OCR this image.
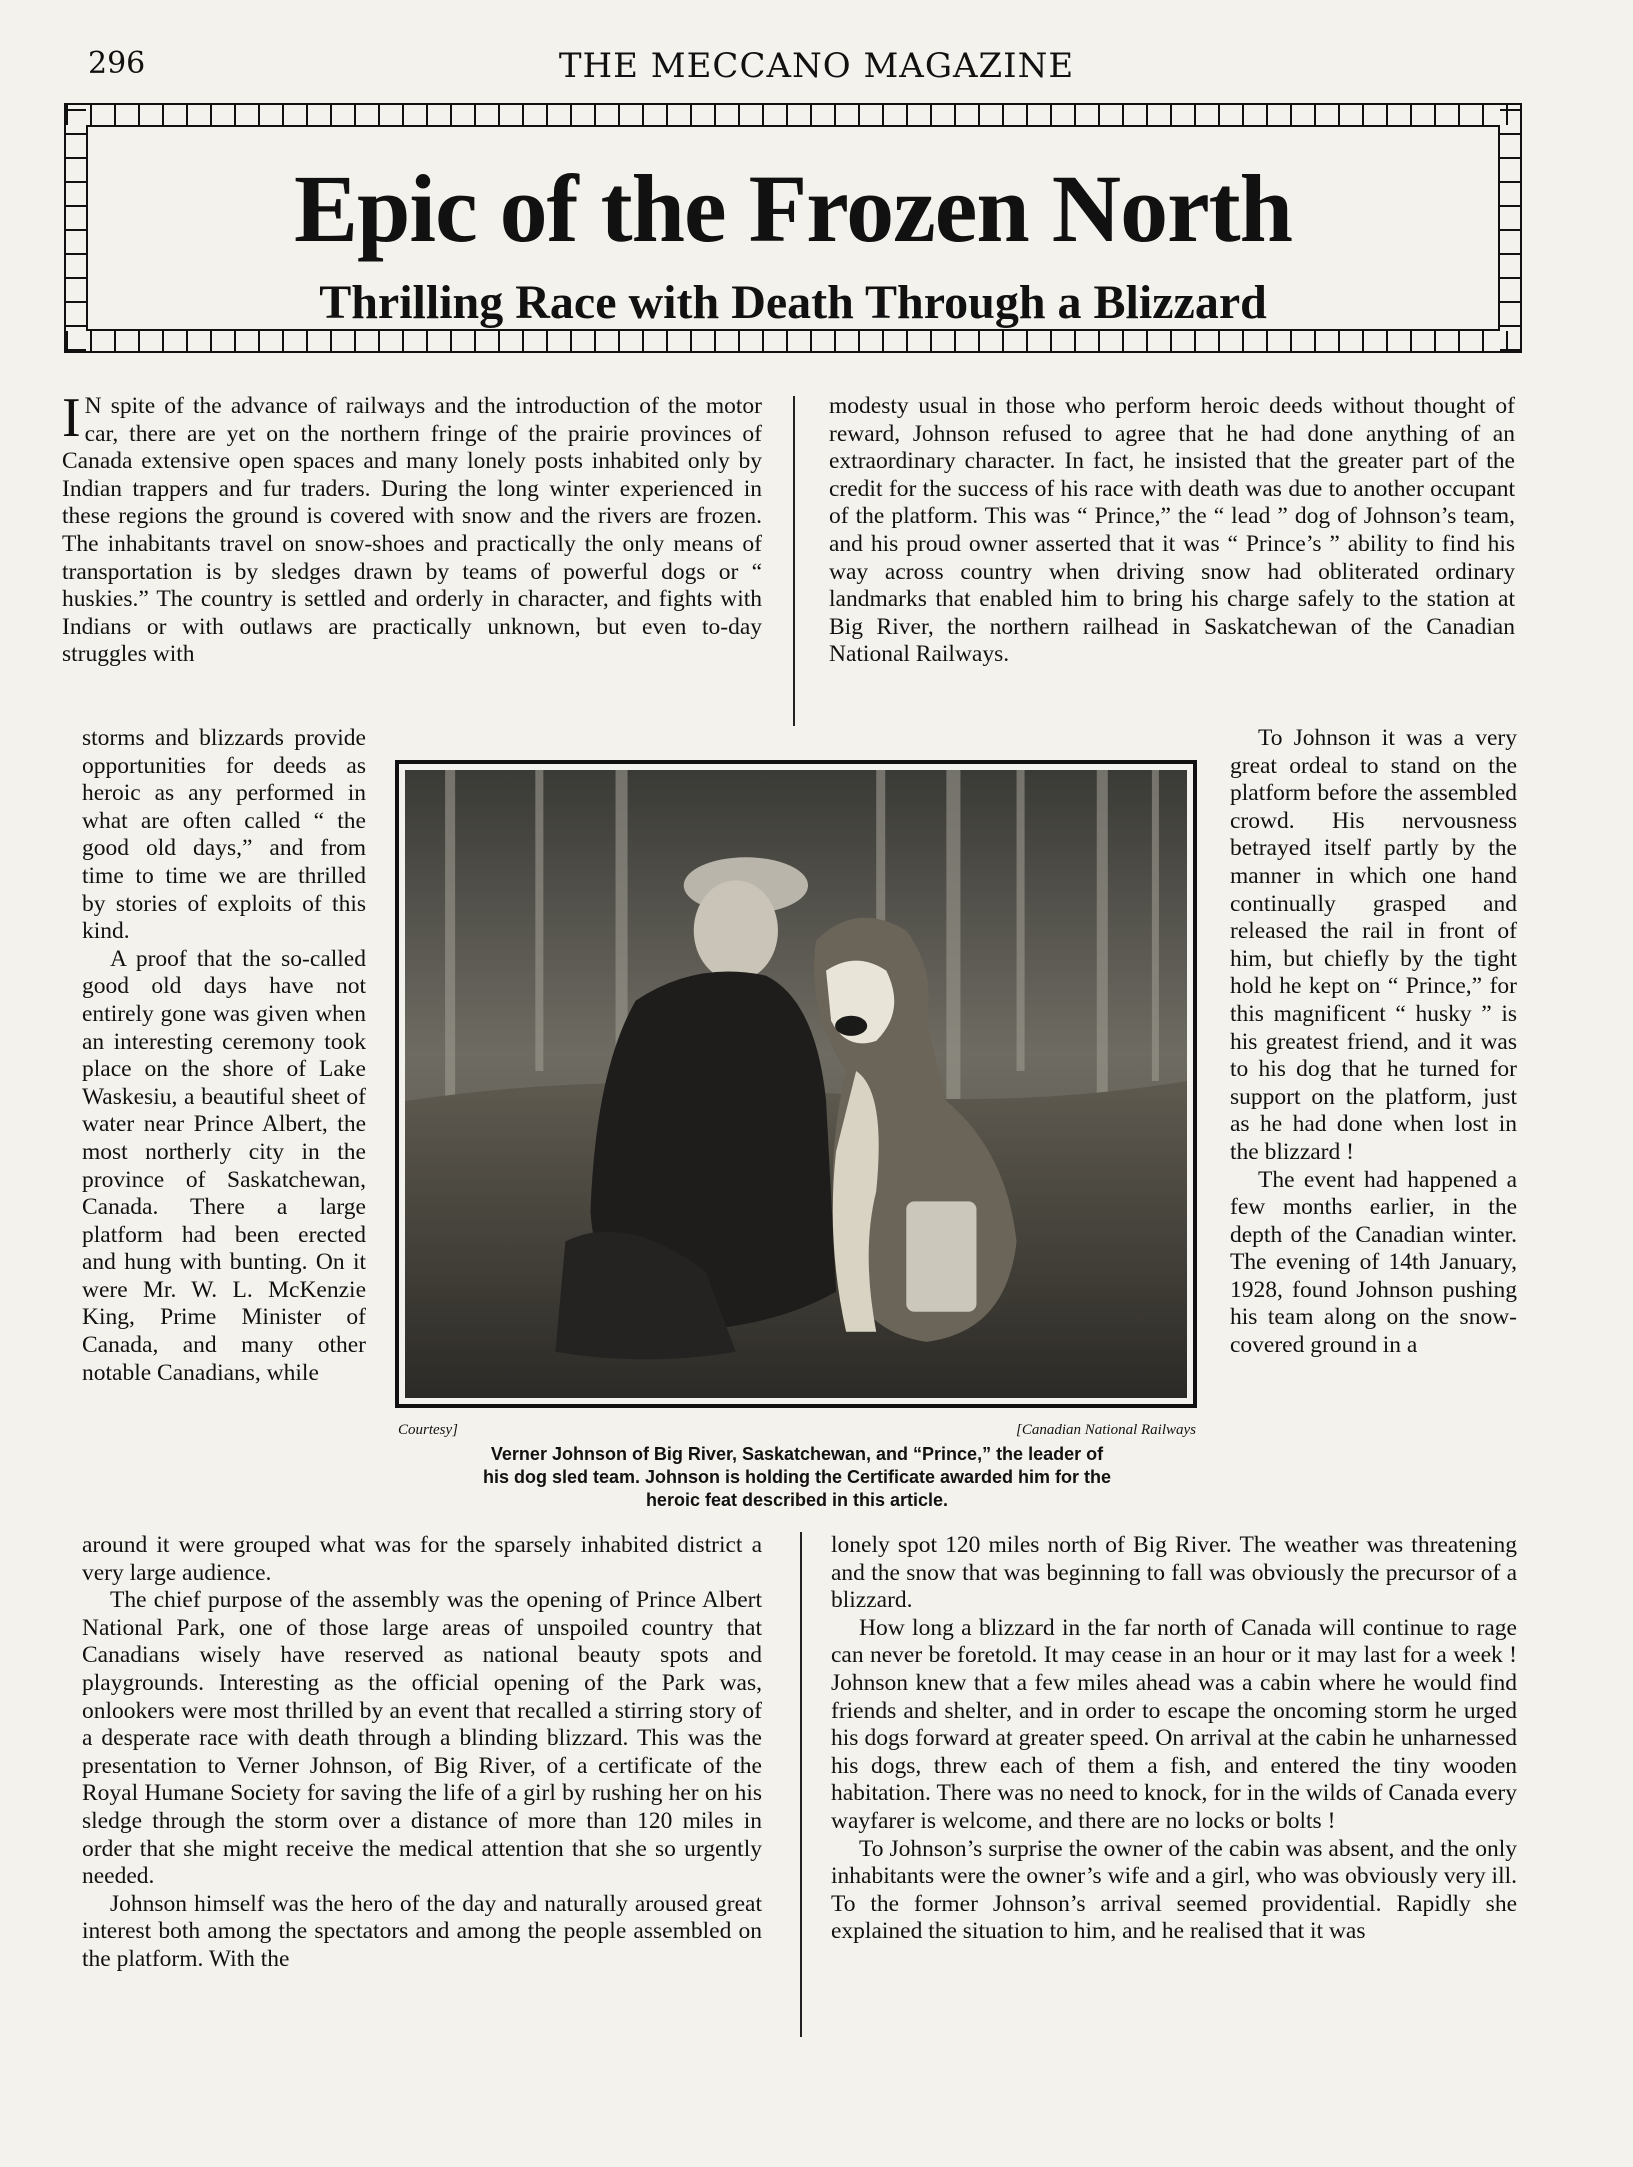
296	THE MECCANO MAGAZINE
Epic of the Frozen North
Thrilling Race with Death Through a Blizzard

I N spite of the advance of railways and the introduction of the motor car, there are yet on the northern fringe of the prairie provinces of Canada extensive open spaces and many lonely posts inhabited only by Indian trappers and fur traders. During the long winter experienced in these regions the ground is covered with snow and the rivers are frozen. The inhabitants travel on snow-shoes and practically the only means of transportation is by sledges drawn by teams of powerful dogs or “ huskies.” The country is settled and orderly in character, and fights with Indians or with outlaws are practically unknown, but even to-day struggles with

storms and blizzards provide opportunities for deeds as heroic as any performed in what are often called “ the good old days,” and from time to time we are thrilled by stories of exploits of this kind.

A proof that the so-called good old days have not entirely gone was given when an interesting ceremony took place on the shore of Lake Waskesiu, a beautiful sheet of water near Prince Albert, the most northerly city in the province of Saskatchewan, Canada. There a large platform had been erected and hung with bunting. On it were Mr. W. L. McKenzie King, Prime Minister of Canada, and many other notable Canadians, while

around it were grouped what was for the sparsely inhabited district a very large audience.

The chief purpose of the assembly was the opening of Prince Albert National Park, one of those large areas of unspoiled country that Canadians wisely have reserved as national beauty spots and playgrounds. Interesting as the official opening of the Park was, onlookers were most thrilled by an event that recalled a stirring story of a desperate race with death through a blinding blizzard. This was the presentation to Verner Johnson, of Big River, of a certificate of the Royal Humane Society for saving the life of a girl by rushing her on his sledge through the storm over a distance of more than 120 miles in order that she might receive the medical attention that she so urgently needed.

Johnson himself was the hero of the day and naturally aroused great interest both among the spectators and among the people assembled on the platform. With the

modesty usual in those who perform heroic deeds without thought of reward, Johnson refused to agree that he had done anything of an extraordinary character. In fact, he insisted that the greater part of the credit for the success of his race with death was due to another occupant of the platform. This was “ Prince,” the “ lead ” dog of Johnson’s team, and his proud owner asserted that it was “ Prince’s ” ability to find his way across country when driving snow had obliterated ordinary landmarks that enabled him to bring his charge safely to the station at Big River, the northern railhead in Saskatchewan of the Canadian National Railways.

To Johnson it was a very great ordeal to stand on the platform before the assembled crowd. His nervousness betrayed itself partly by the manner in which one hand continually grasped and released the rail in front of him, but chiefly by the tight hold he kept on “ Prince,” for this magnificent “ husky ” is his greatest friend, and it was to his dog that he turned for support on the platform, just as he had done when lost in the blizzard !

The event had happened a few months earlier, in the depth of the Canadian winter. The evening of 14th January, 1928, found Johnson pushing his team along on the snow-covered ground in a

lonely spot 120 miles north of Big River. The weather was threatening and the snow that was beginning to fall was obviously the precursor of a blizzard.

How long a blizzard in the far north of Canada will continue to rage can never be foretold. It may cease in an hour or it may last for a week ! Johnson knew that a few miles ahead was a cabin where he would find friends and shelter, and in order to escape the oncoming storm he urged his dogs forward at greater speed. On arrival at the cabin he unharnessed his dogs, threw each of them a fish, and entered the tiny wooden habitation. There was no need to knock, for in the wilds of Canada every wayfarer is welcome, and there are no locks or bolts !

To Johnson’s surprise the owner of the cabin was absent, and the only inhabitants were the owner’s wife and a girl, who was obviously very ill. To the former Johnson’s arrival seemed providential. Rapidly she explained the situation to him, and he realised that it was

Courtesy]	[Canadian National Railways
Verner Johnson of Big River, Saskatchewan, and “Prince,” the leader of
his dog sled team. Johnson is holding the Certificate awarded him for the
heroic feat described in this article.
